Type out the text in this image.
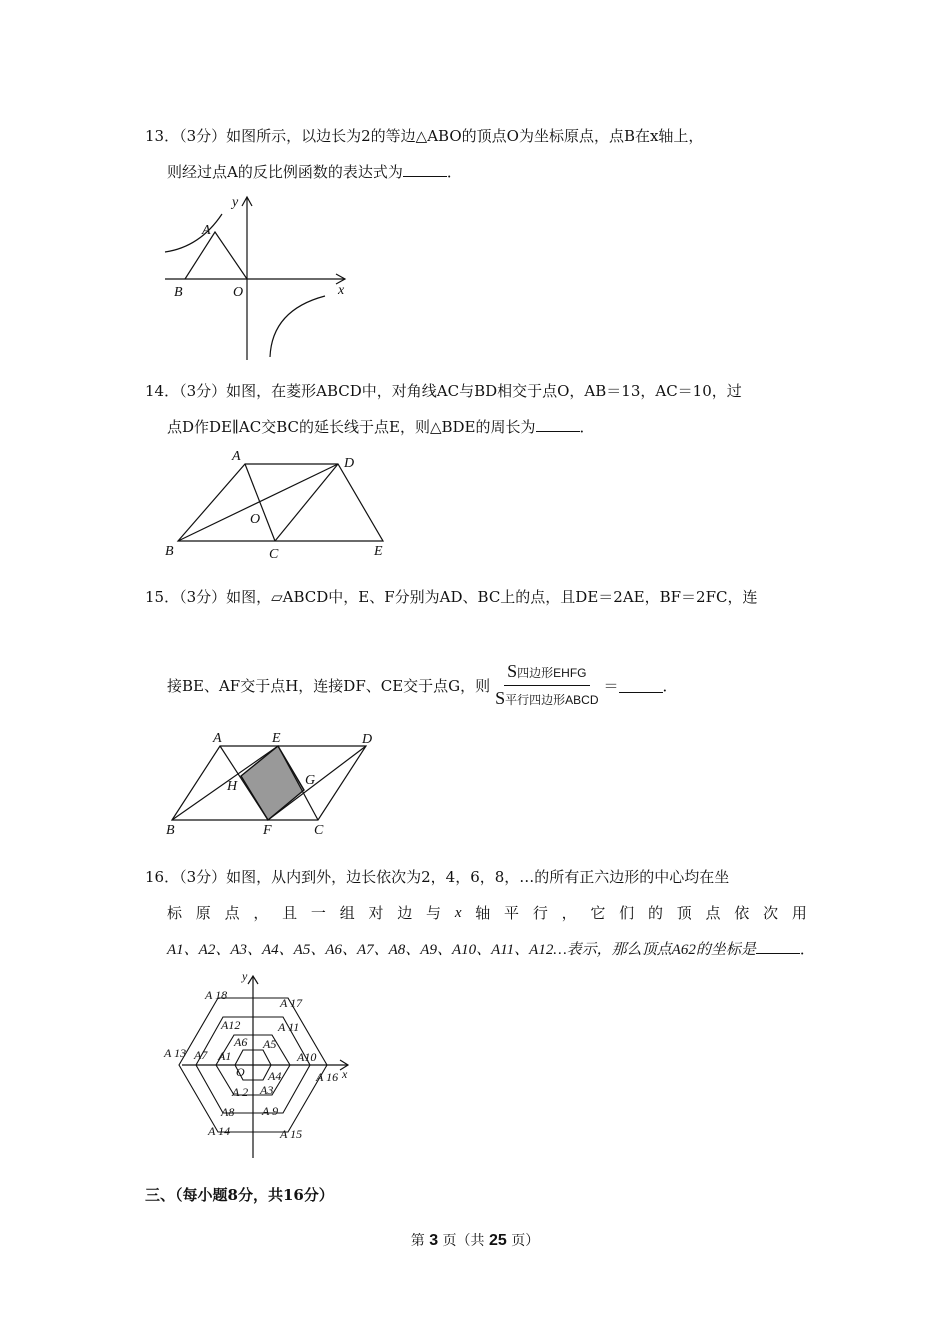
13．（3分）如图所示，以边长为2的等边△ABO的顶点O为坐标原点，点B在x轴上，
则经过点A的反比例函数的表达式为	．
y
x
A
B	O
14．（3分）如图，在菱形ABCD中，对角线AC与BD相交于点O，AB＝13，AC＝10，过
点D作DE∥AC交BC的延长线于点E，则△BDE的周长为	．
A	D
O
B	C	E
15．（3分）如图，▱ABCD中，E、F分别为AD、BC上的点，且DE＝2AE，BF＝2FC，连
接BE、AF交于点H，连接DF、CE交于点G，则 $\frac{\text{S四边形EHFG}}{\text{S平行四边形ABCD}}$ ＝	．
A	E	D
H	G
B	F	C
16．（3分）如图，从内到外，边长依次为2，4，6，8，…的所有正六边形的中心均在坐
标 原 点 ， 且 一 组 对 边 与 x 轴 平 行 ， 它 们 的 顶 点 依 次 用
A1、A2、A3、A4、A5、A6、A7、A8、A9、A10、A11、A12…表示，那么顶点A62的坐标是	．
y
x
O
A 18
A 17
A12	A 11
A6 A5
A 13 A7 A1	A10
A4	A 16
A 2 A3
A8 A 9
A 14	A 15
三、（每小题8分，共16分）
第 3 页（共 25 页）
